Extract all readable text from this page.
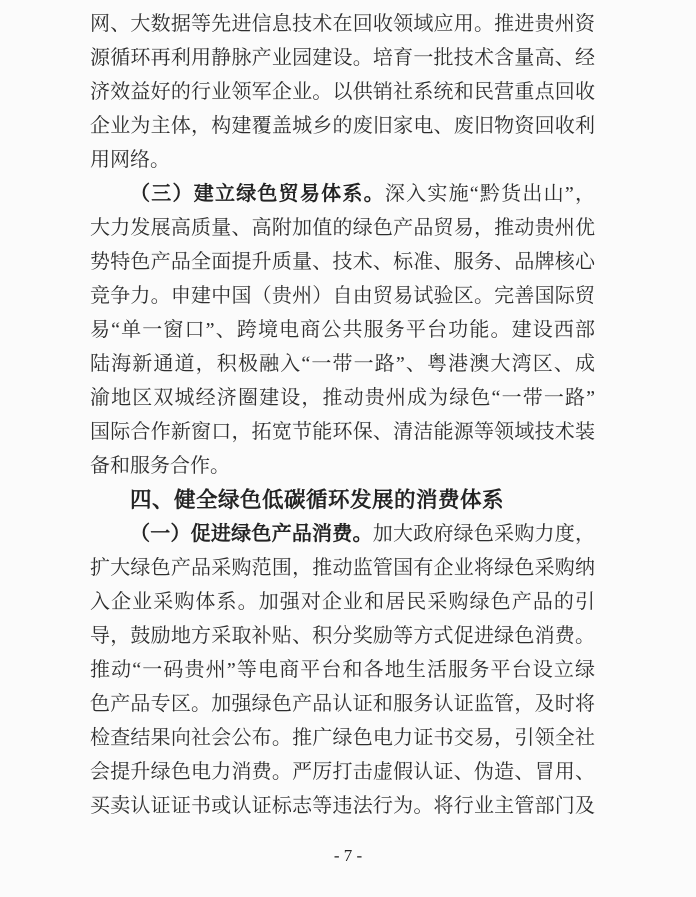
网、大数据等先进信息技术在回收领域应用。推进贵州资
源循环再利用静脉产业园建设。培育一批技术含量高、经
济效益好的行业领军企业。以供销社系统和民营重点回收
企业为主体，构建覆盖城乡的废旧家电、废旧物资回收利
用网络。
（三）建立绿色贸易体系。深入实施“黔货出山”，
大力发展高质量、高附加值的绿色产品贸易，推动贵州优
势特色产品全面提升质量、技术、标准、服务、品牌核心
竞争力。申建中国（贵州）自由贸易试验区。完善国际贸
易“单一窗口”、跨境电商公共服务平台功能。建设西部
陆海新通道，积极融入“一带一路”、粤港澳大湾区、成
渝地区双城经济圈建设，推动贵州成为绿色“一带一路”
国际合作新窗口，拓宽节能环保、清洁能源等领域技术装
备和服务合作。
四、健全绿色低碳循环发展的消费体系
（一）促进绿色产品消费。加大政府绿色采购力度，
扩大绿色产品采购范围，推动监管国有企业将绿色采购纳
入企业采购体系。加强对企业和居民采购绿色产品的引
导，鼓励地方采取补贴、积分奖励等方式促进绿色消费。
推动“一码贵州”等电商平台和各地生活服务平台设立绿
色产品专区。加强绿色产品认证和服务认证监管，及时将
检查结果向社会公布。推广绿色电力证书交易，引领全社
会提升绿色电力消费。严厉打击虚假认证、伪造、冒用、
买卖认证证书或认证标志等违法行为。将行业主管部门及
- 7 -
